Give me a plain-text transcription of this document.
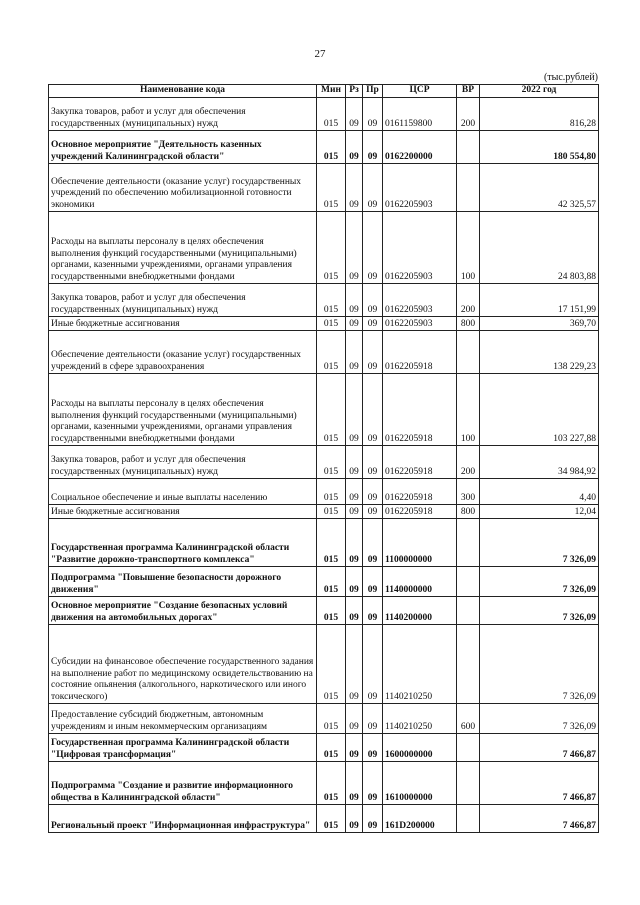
27
(тыс.рублей)
Наименование кода	Мин	Рз	Пр	ЦСР	ВР	2022 год
Закупка товаров, работ и услуг для обеспечения государственных (муниципальных) нужд	015	09	09	0161159800	200	816,28
Основное мероприятие "Деятельность казенных учреждений Калининградской области"	015	09	09	0162200000		180 554,80
Обеспечение деятельности (оказание услуг) государственных учреждений по обеспечению мобилизационной готовности экономики	015	09	09	0162205903		42 325,57
Расходы на выплаты персоналу в целях обеспечения выполнения функций государственными (муниципальными) органами, казенными учреждениями, органами управления государственными внебюджетными фондами	015	09	09	0162205903	100	24 803,88
Закупка товаров, работ и услуг для обеспечения государственных (муниципальных) нужд	015	09	09	0162205903	200	17 151,99
Иные бюджетные ассигнования	015	09	09	0162205903	800	369,70
Обеспечение деятельности (оказание услуг) государственных учреждений в сфере здравоохранения	015	09	09	0162205918		138 229,23
Расходы на выплаты персоналу в целях обеспечения выполнения функций государственными (муниципальными) органами, казенными учреждениями, органами управления государственными внебюджетными фондами	015	09	09	0162205918	100	103 227,88
Закупка товаров, работ и услуг для обеспечения государственных (муниципальных) нужд	015	09	09	0162205918	200	34 984,92
Социальное обеспечение и иные выплаты населению	015	09	09	0162205918	300	4,40
Иные бюджетные ассигнования	015	09	09	0162205918	800	12,04
Государственная программа Калининградской области "Развитие дорожно-транспортного комплекса"	015	09	09	1100000000		7 326,09
Подпрограмма "Повышение безопасности дорожного движения"	015	09	09	1140000000		7 326,09
Основное мероприятие "Создание безопасных условий движения на автомобильных дорогах"	015	09	09	1140200000		7 326,09
Субсидии на финансовое обеспечение государственного задания на выполнение работ по медицинскому освидетельствованию на состояние опьянения (алкогольного, наркотического или иного токсического)	015	09	09	1140210250		7 326,09
Предоставление субсидий бюджетным, автономным учреждениям и иным некоммерческим организациям	015	09	09	1140210250	600	7 326,09
Государственная программа Калининградской области "Цифровая трансформация"	015	09	09	1600000000		7 466,87
Подпрограмма "Создание и развитие информационного общества в Калининградской области"	015	09	09	1610000000		7 466,87
Региональный проект "Информационная инфраструктура"	015	09	09	161D200000		7 466,87
